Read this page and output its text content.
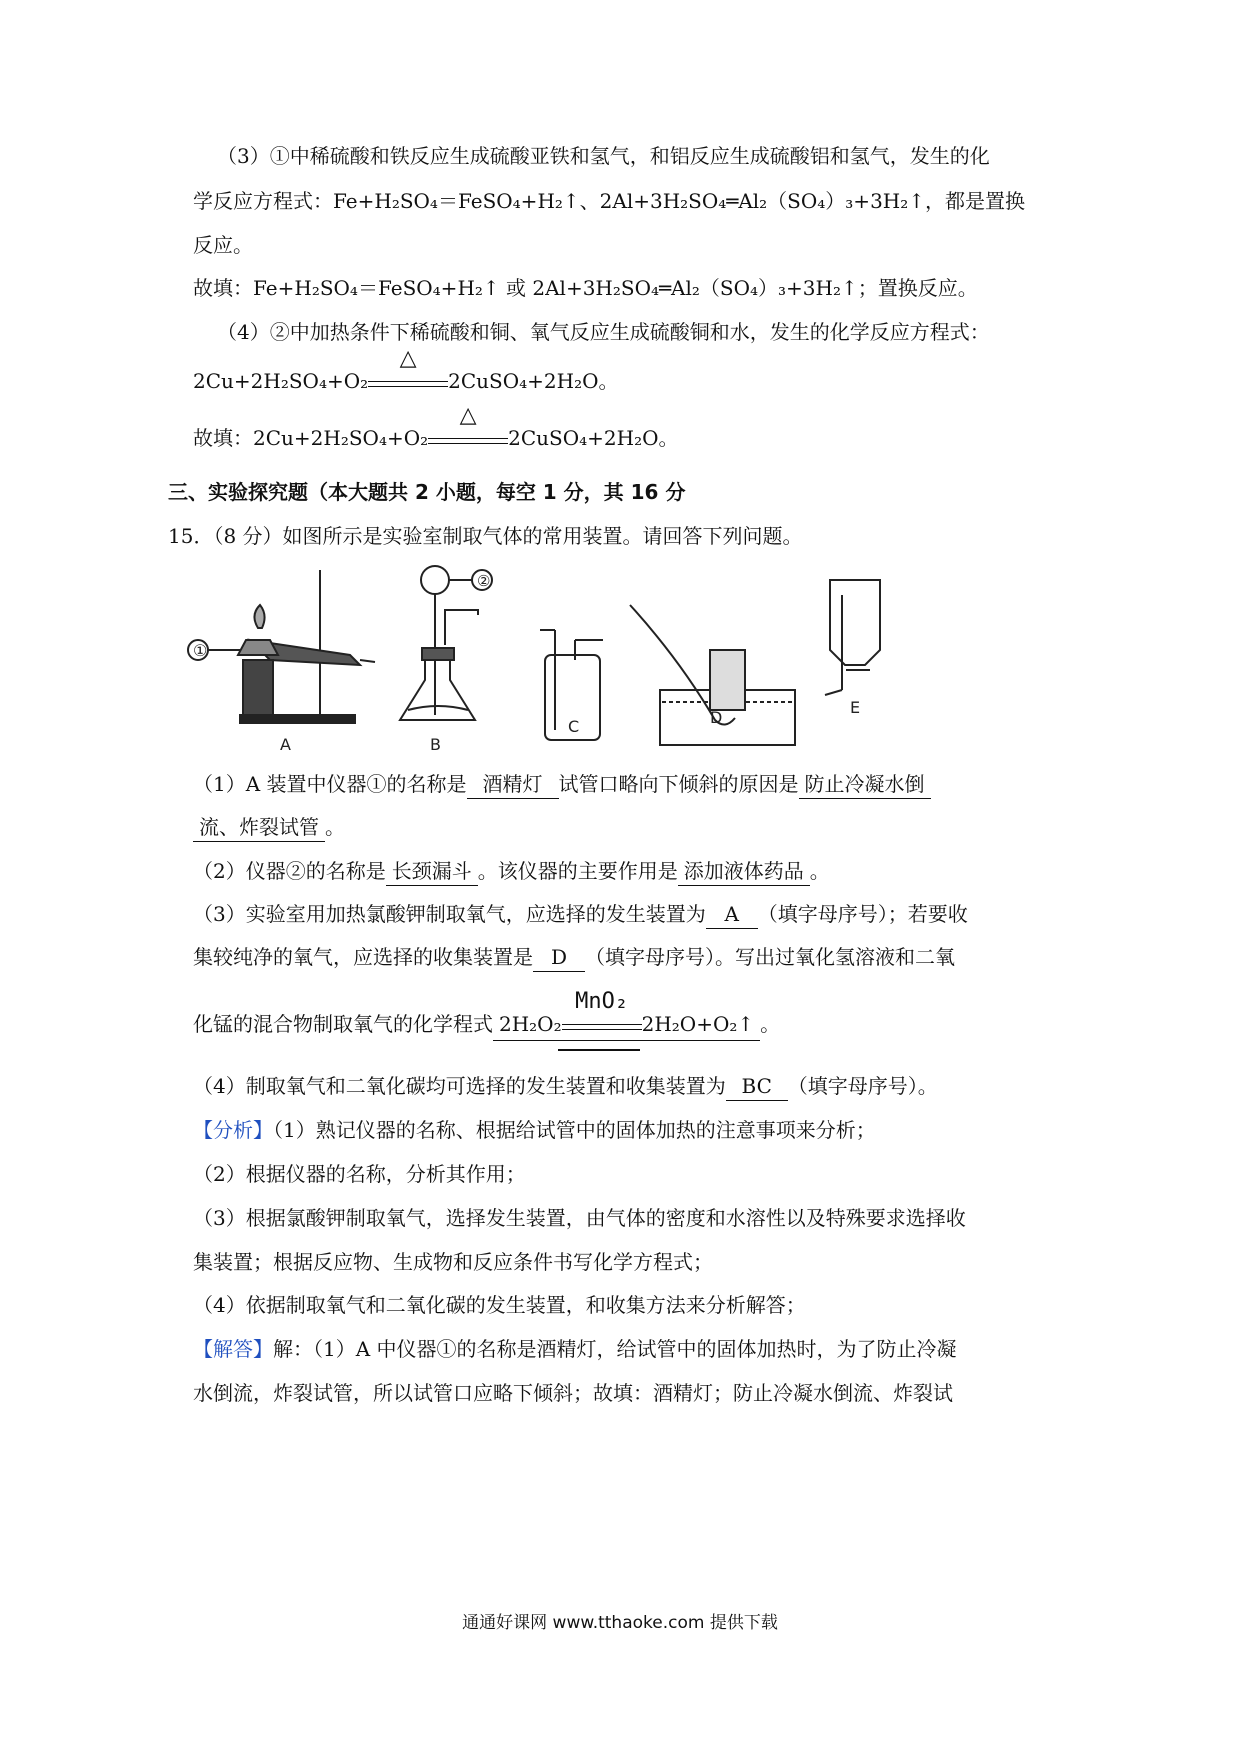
（3）①中稀硫酸和铁反应生成硫酸亚铁和氢气，和铝反应生成硫酸铝和氢气，发生的化
学反应方程式：Fe+H₂SO₄＝FeSO₄+H₂↑、2Al+3H₂SO₄═Al₂（SO₄）₃+3H₂↑，都是置换
反应。
故填：Fe+H₂SO₄＝FeSO₄+H₂↑ 或 2Al+3H₂SO₄═Al₂（SO₄）₃+3H₂↑；置换反应。
（4）②中加热条件下稀硫酸和铜、氧气反应生成硫酸铜和水，发生的化学反应方程式：
2Cu+2H₂SO₄+O₂
△
2CuSO₄+2H₂O。
故填：2Cu+2H₂SO₄+O₂
△
2CuSO₄+2H₂O。
三、实验探究题（本大题共 2 小题，每空 1 分，其 16 分
15．（8 分）如图所示是实验室制取气体的常用装置。请回答下列问题。
①
A
②
B
C	D
E
（1）A 装置中仪器①的名称是 酒精灯 试管口略向下倾斜的原因是 防止冷凝水倒
流、炸裂试管 。
（2）仪器②的名称是 长颈漏斗 。该仪器的主要作用是 添加液体药品 。
（3）实验室用加热氯酸钾制取氧气，应选择的发生装置为 A （填字母序号）；若要收
集较纯净的氧气，应选择的收集装置是 D （填字母序号）。写出过氧化氢溶液和二氧
化锰的混合物制取氧气的化学程式 2H₂O₂
MnO₂
2H₂O+O₂↑ 。
（4）制取氧气和二氧化碳均可选择的发生装置和收集装置为 BC （填字母序号）。
【分析】（1）熟记仪器的名称、根据给试管中的固体加热的注意事项来分析；
（2）根据仪器的名称，分析其作用；
（3）根据氯酸钾制取氧气，选择发生装置，由气体的密度和水溶性以及特殊要求选择收
集装置；根据反应物、生成物和反应条件书写化学方程式；
（4）依据制取氧气和二氧化碳的发生装置，和收集方法来分析解答；
【解答】解：（1）A 中仪器①的名称是酒精灯，给试管中的固体加热时，为了防止冷凝
水倒流，炸裂试管，所以试管口应略下倾斜；故填：酒精灯；防止冷凝水倒流、炸裂试
通通好课网 www.tthaoke.com 提供下载
